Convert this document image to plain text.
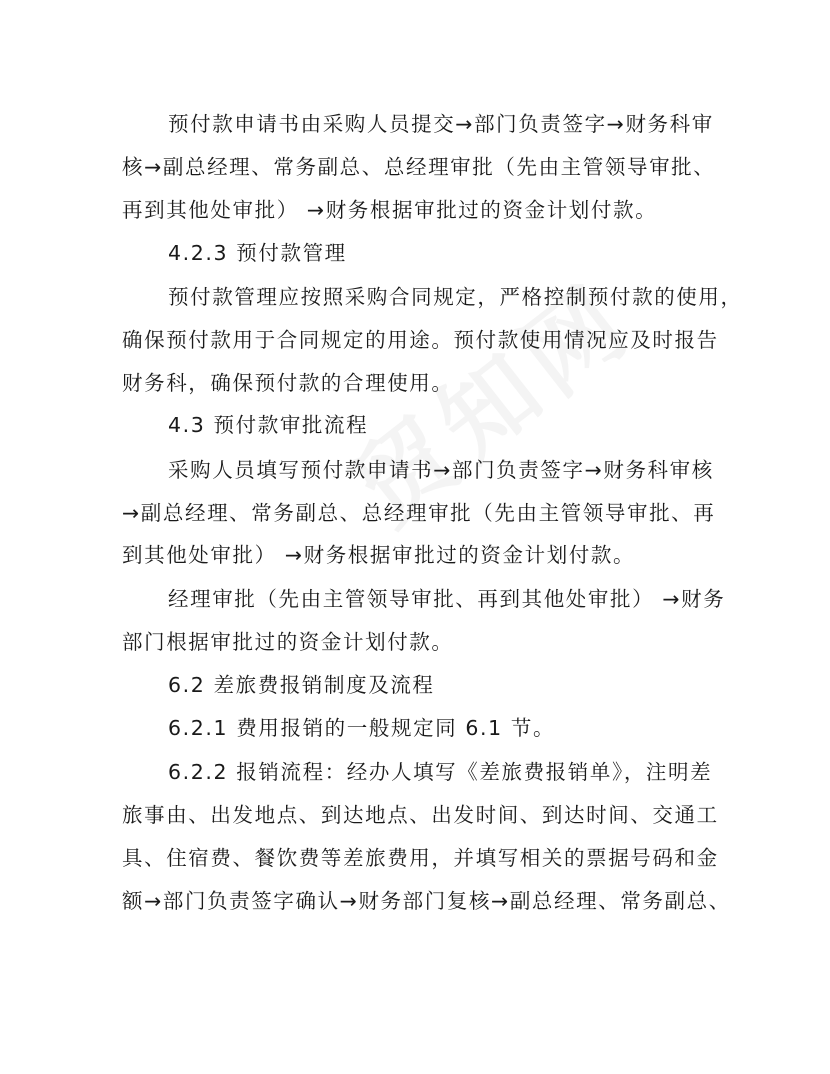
预付款申请书由采购人员提交→部门负责签字→财务科审
核→副总经理、常务副总、总经理审批（先由主管领导审批、
再到其他处审批） →财务根据审批过的资金计划付款。
4.2.3 预付款管理
预付款管理应按照采购合同规定，严格控制预付款的使用，
确保预付款用于合同规定的用途。预付款使用情况应及时报告
财务科，确保预付款的合理使用。
4.3 预付款审批流程
采购人员填写预付款申请书→部门负责签字→财务科审核
→副总经理、常务副总、总经理审批（先由主管领导审批、再
到其他处审批） →财务根据审批过的资金计划付款。
经理审批（先由主管领导审批、再到其他处审批） →财务
部门根据审批过的资金计划付款。
6.2 差旅费报销制度及流程
6.2.1 费用报销的一般规定同 6.1 节。
6.2.2 报销流程：经办人填写《差旅费报销单》，注明差
旅事由、出发地点、到达地点、出发时间、到达时间、交通工
具、住宿费、餐饮费等差旅费用，并填写相关的票据号码和金
额→部门负责签字确认→财务部门复核→副总经理、常务副总、
